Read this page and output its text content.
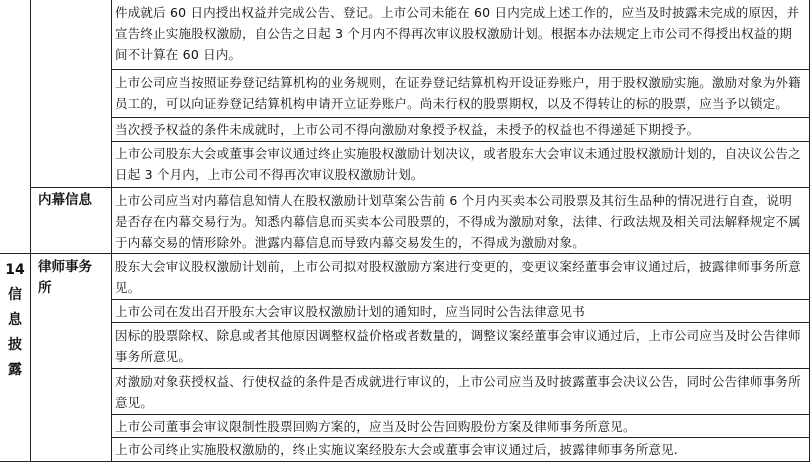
件成就后 60 日内授出权益并完成公告、登记。上市公司未能在 60 日内完成上述工作的，应当及时披露未完成的原因，并宣告终止实施股权激励，自公告之日起 3 个月内不得再次审议股权激励计划。根据本办法规定上市公司不得授出权益的期间不计算在 60 日内。
上市公司应当按照证券登记结算机构的业务规则，在证券登记结算机构开设证券账户，用于股权激励实施。激励对象为外籍员工的，可以向证券登记结算机构申请开立证券账户。尚未行权的股票期权，以及不得转让的标的股票，应当予以锁定。
当次授予权益的条件未成就时，上市公司不得向激励对象授予权益，未授予的权益也不得递延下期授予。
上市公司股东大会或董事会审议通过终止实施股权激励计划决议，或者股东大会审议未通过股权激励计划的，自决议公告之日起 3 个月内，上市公司不得再次审议股权激励计划。
内幕信息 上市公司应当对内幕信息知情人在股权激励计划草案公告前 6 个月内买卖本公司股票及其衍生品种的情况进行自查，说明是否存在内幕交易行为。知悉内幕信息而买卖本公司股票的，不得成为激励对象，法律、行政法规及相关司法解释规定不属于内幕交易的情形除外。泄露内幕信息而导致内幕交易发生的，不得成为激励对象。
14
信
息
披
露
律师事务
所
股东大会审议股权激励计划前，上市公司拟对股权激励方案进行变更的，变更议案经董事会审议通过后，披露律师事务所意见。
上市公司在发出召开股东大会审议股权激励计划的通知时，应当同时公告法律意见书
因标的股票除权、除息或者其他原因调整权益价格或者数量的，调整议案经董事会审议通过后，上市公司应当及时公告律师事务所意见。
对激励对象获授权益、行使权益的条件是否成就进行审议的，上市公司应当及时披露董事会决议公告，同时公告律师事务所意见。
上市公司董事会审议限制性股票回购方案的，应当及时公告回购股份方案及律师事务所意见。
上市公司终止实施股权激励的，终止实施议案经股东大会或董事会审议通过后，披露律师事务所意见.
